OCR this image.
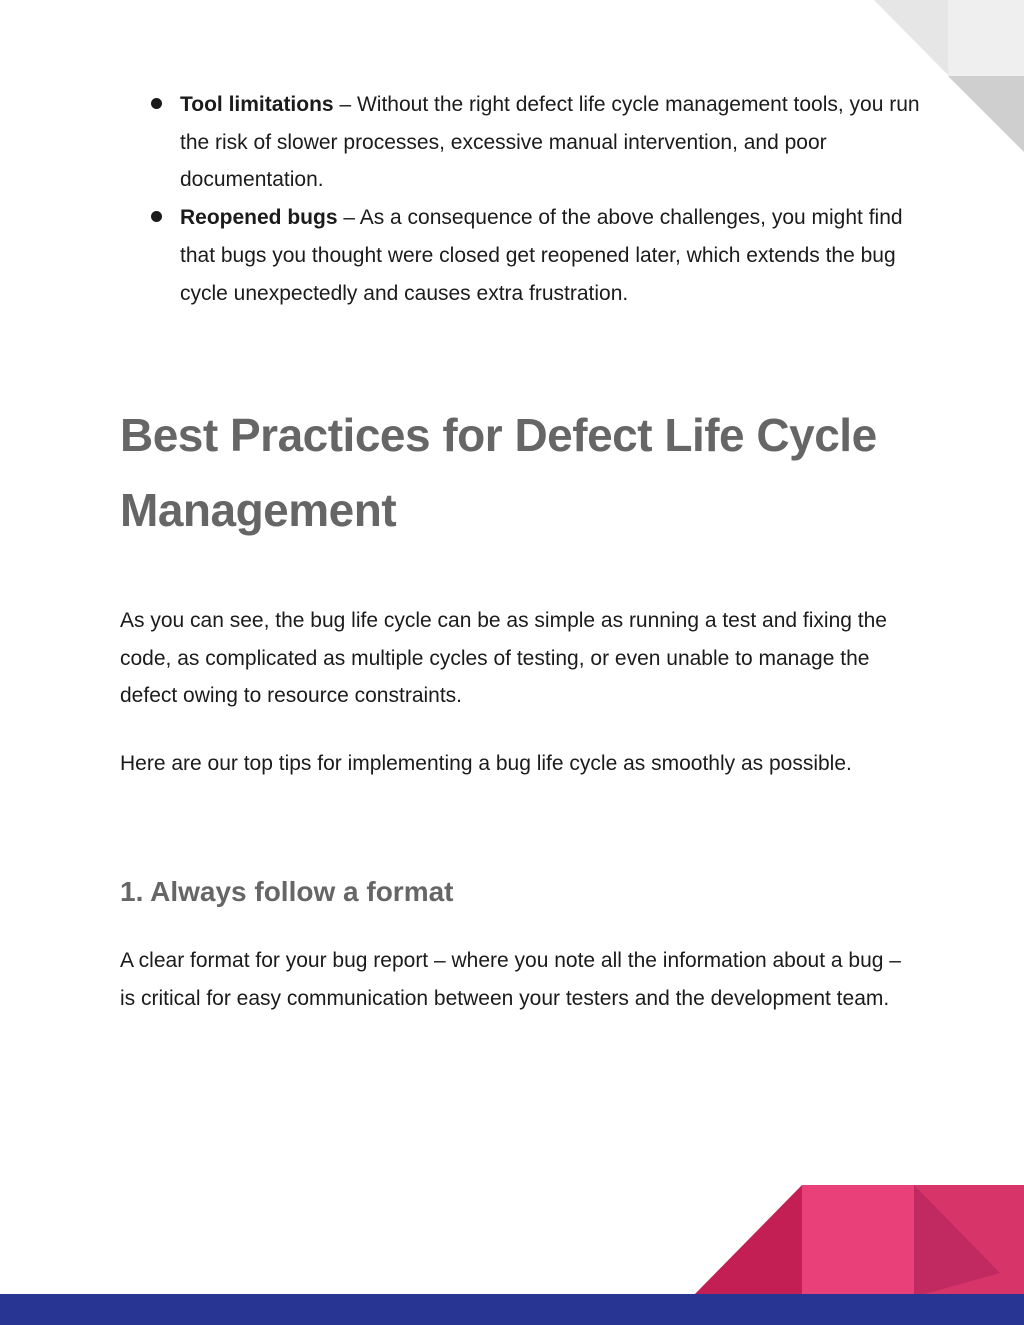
Tool limitations – Without the right defect life cycle management tools, you run the risk of slower processes, excessive manual intervention, and poor documentation.
Reopened bugs – As a consequence of the above challenges, you might find that bugs you thought were closed get reopened later, which extends the bug cycle unexpectedly and causes extra frustration.
Best Practices for Defect Life Cycle Management

As you can see, the bug life cycle can be as simple as running a test and fixing the code, as complicated as multiple cycles of testing, or even unable to manage the defect owing to resource constraints.

Here are our top tips for implementing a bug life cycle as smoothly as possible.

1. Always follow a format

A clear format for your bug report – where you note all the information about a bug – is critical for easy communication between your testers and the development team.
